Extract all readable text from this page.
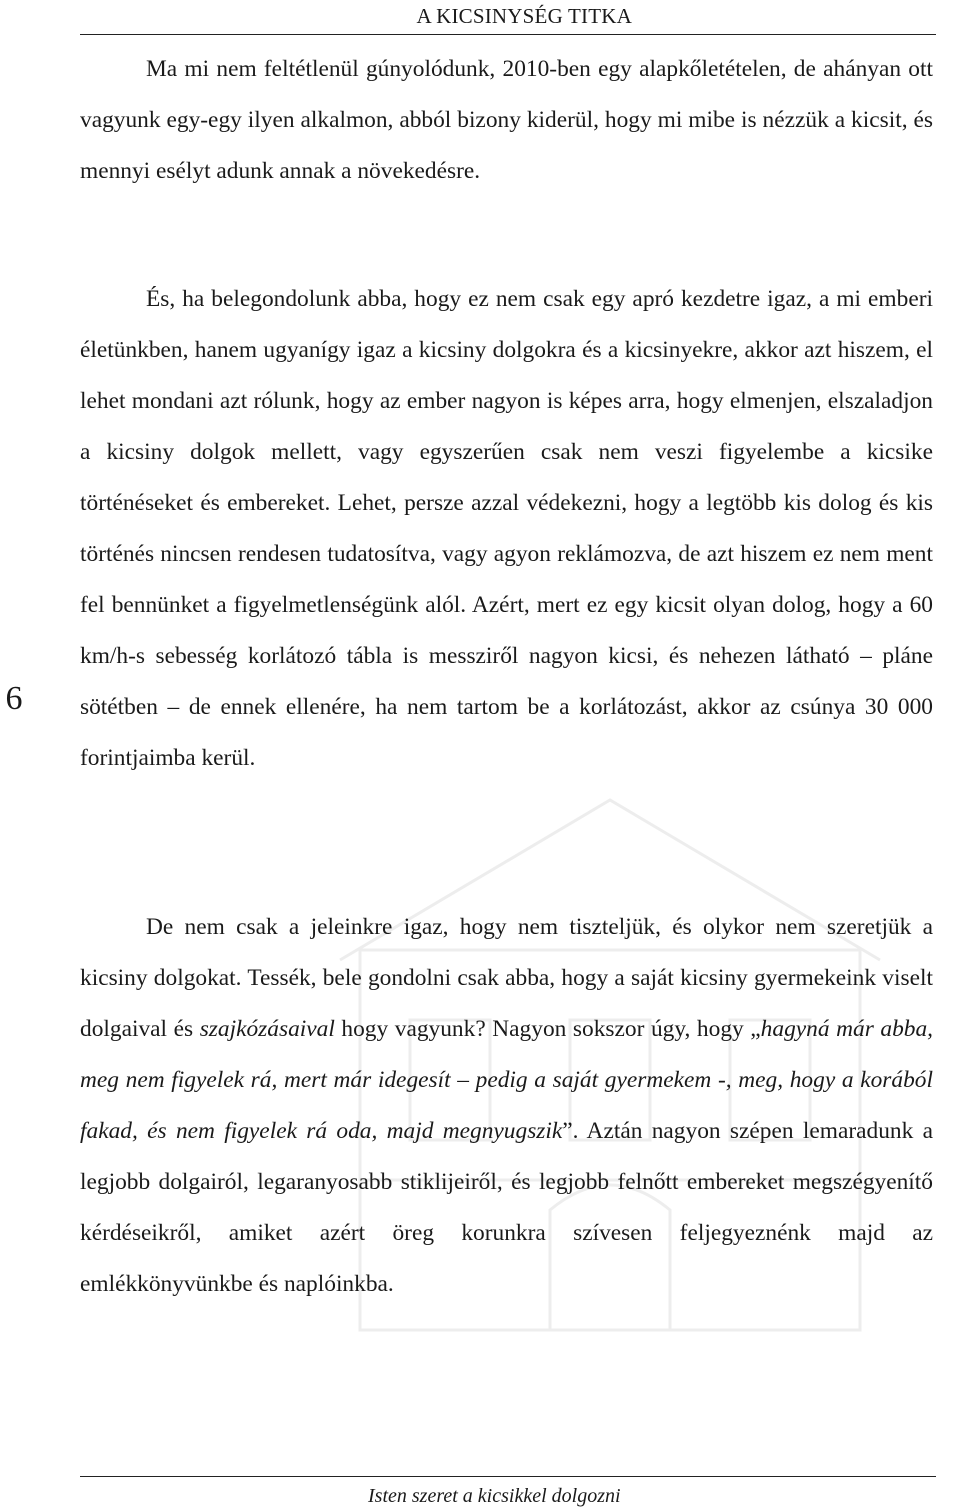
A KICSINYSÉG TITKA
6

Ma mi nem feltétlenül gúnyolódunk, 2010-ben egy alapkőletételen, de ahányan ott vagyunk egy-egy ilyen alkalmon, abból bizony kiderül, hogy mi mibe is nézzük a kicsit, és mennyi esélyt adunk annak a növekedésre.

És, ha belegondolunk abba, hogy ez nem csak egy apró kezdetre igaz, a mi emberi életünkben, hanem ugyanígy igaz a kicsiny dolgokra és a kicsinyekre, akkor azt hiszem, el lehet mondani azt rólunk, hogy az ember nagyon is képes arra, hogy elmenjen, elszaladjon a kicsiny dolgok mellett, vagy egyszerűen csak nem veszi figyelembe a kicsike történéseket és embereket. Lehet, persze azzal védekezni, hogy a legtöbb kis dolog és kis történés nincsen rendesen tudatosítva, vagy agyon reklámozva, de azt hiszem ez nem ment fel bennünket a figyelmetlenségünk alól. Azért, mert ez egy kicsit olyan dolog, hogy a 60 km/h-s sebesség korlátozó tábla is messziről nagyon kicsi, és nehezen látható – pláne sötétben – de ennek ellenére, ha nem tartom be a korlátozást, akkor az csúnya 30 000 forintjaimba kerül.

De nem csak a jeleinkre igaz, hogy nem tiszteljük, és olykor nem szeretjük a kicsiny dolgokat. Tessék, bele gondolni csak abba, hogy a saját kicsiny gyermekeink viselt dolgaival és szajkózásaival hogy vagyunk? Nagyon sokszor úgy, hogy „hagyná már abba, meg nem figyelek rá, mert már idegesít – pedig a saját gyermekem -, meg, hogy a korából fakad, és nem figyelek rá oda, majd megnyugszik”. Aztán nagyon szépen lemaradunk a legjobb dolgairól, legaranyosabb stiklijeiről, és legjobb felnőtt embereket megszégyenítő kérdéseikről, amiket azért öreg korunkra szívesen feljegyeznénk majd az emlékkönyvünkbe és naplóinkba.

Isten szeret a kicsikkel dolgozni
